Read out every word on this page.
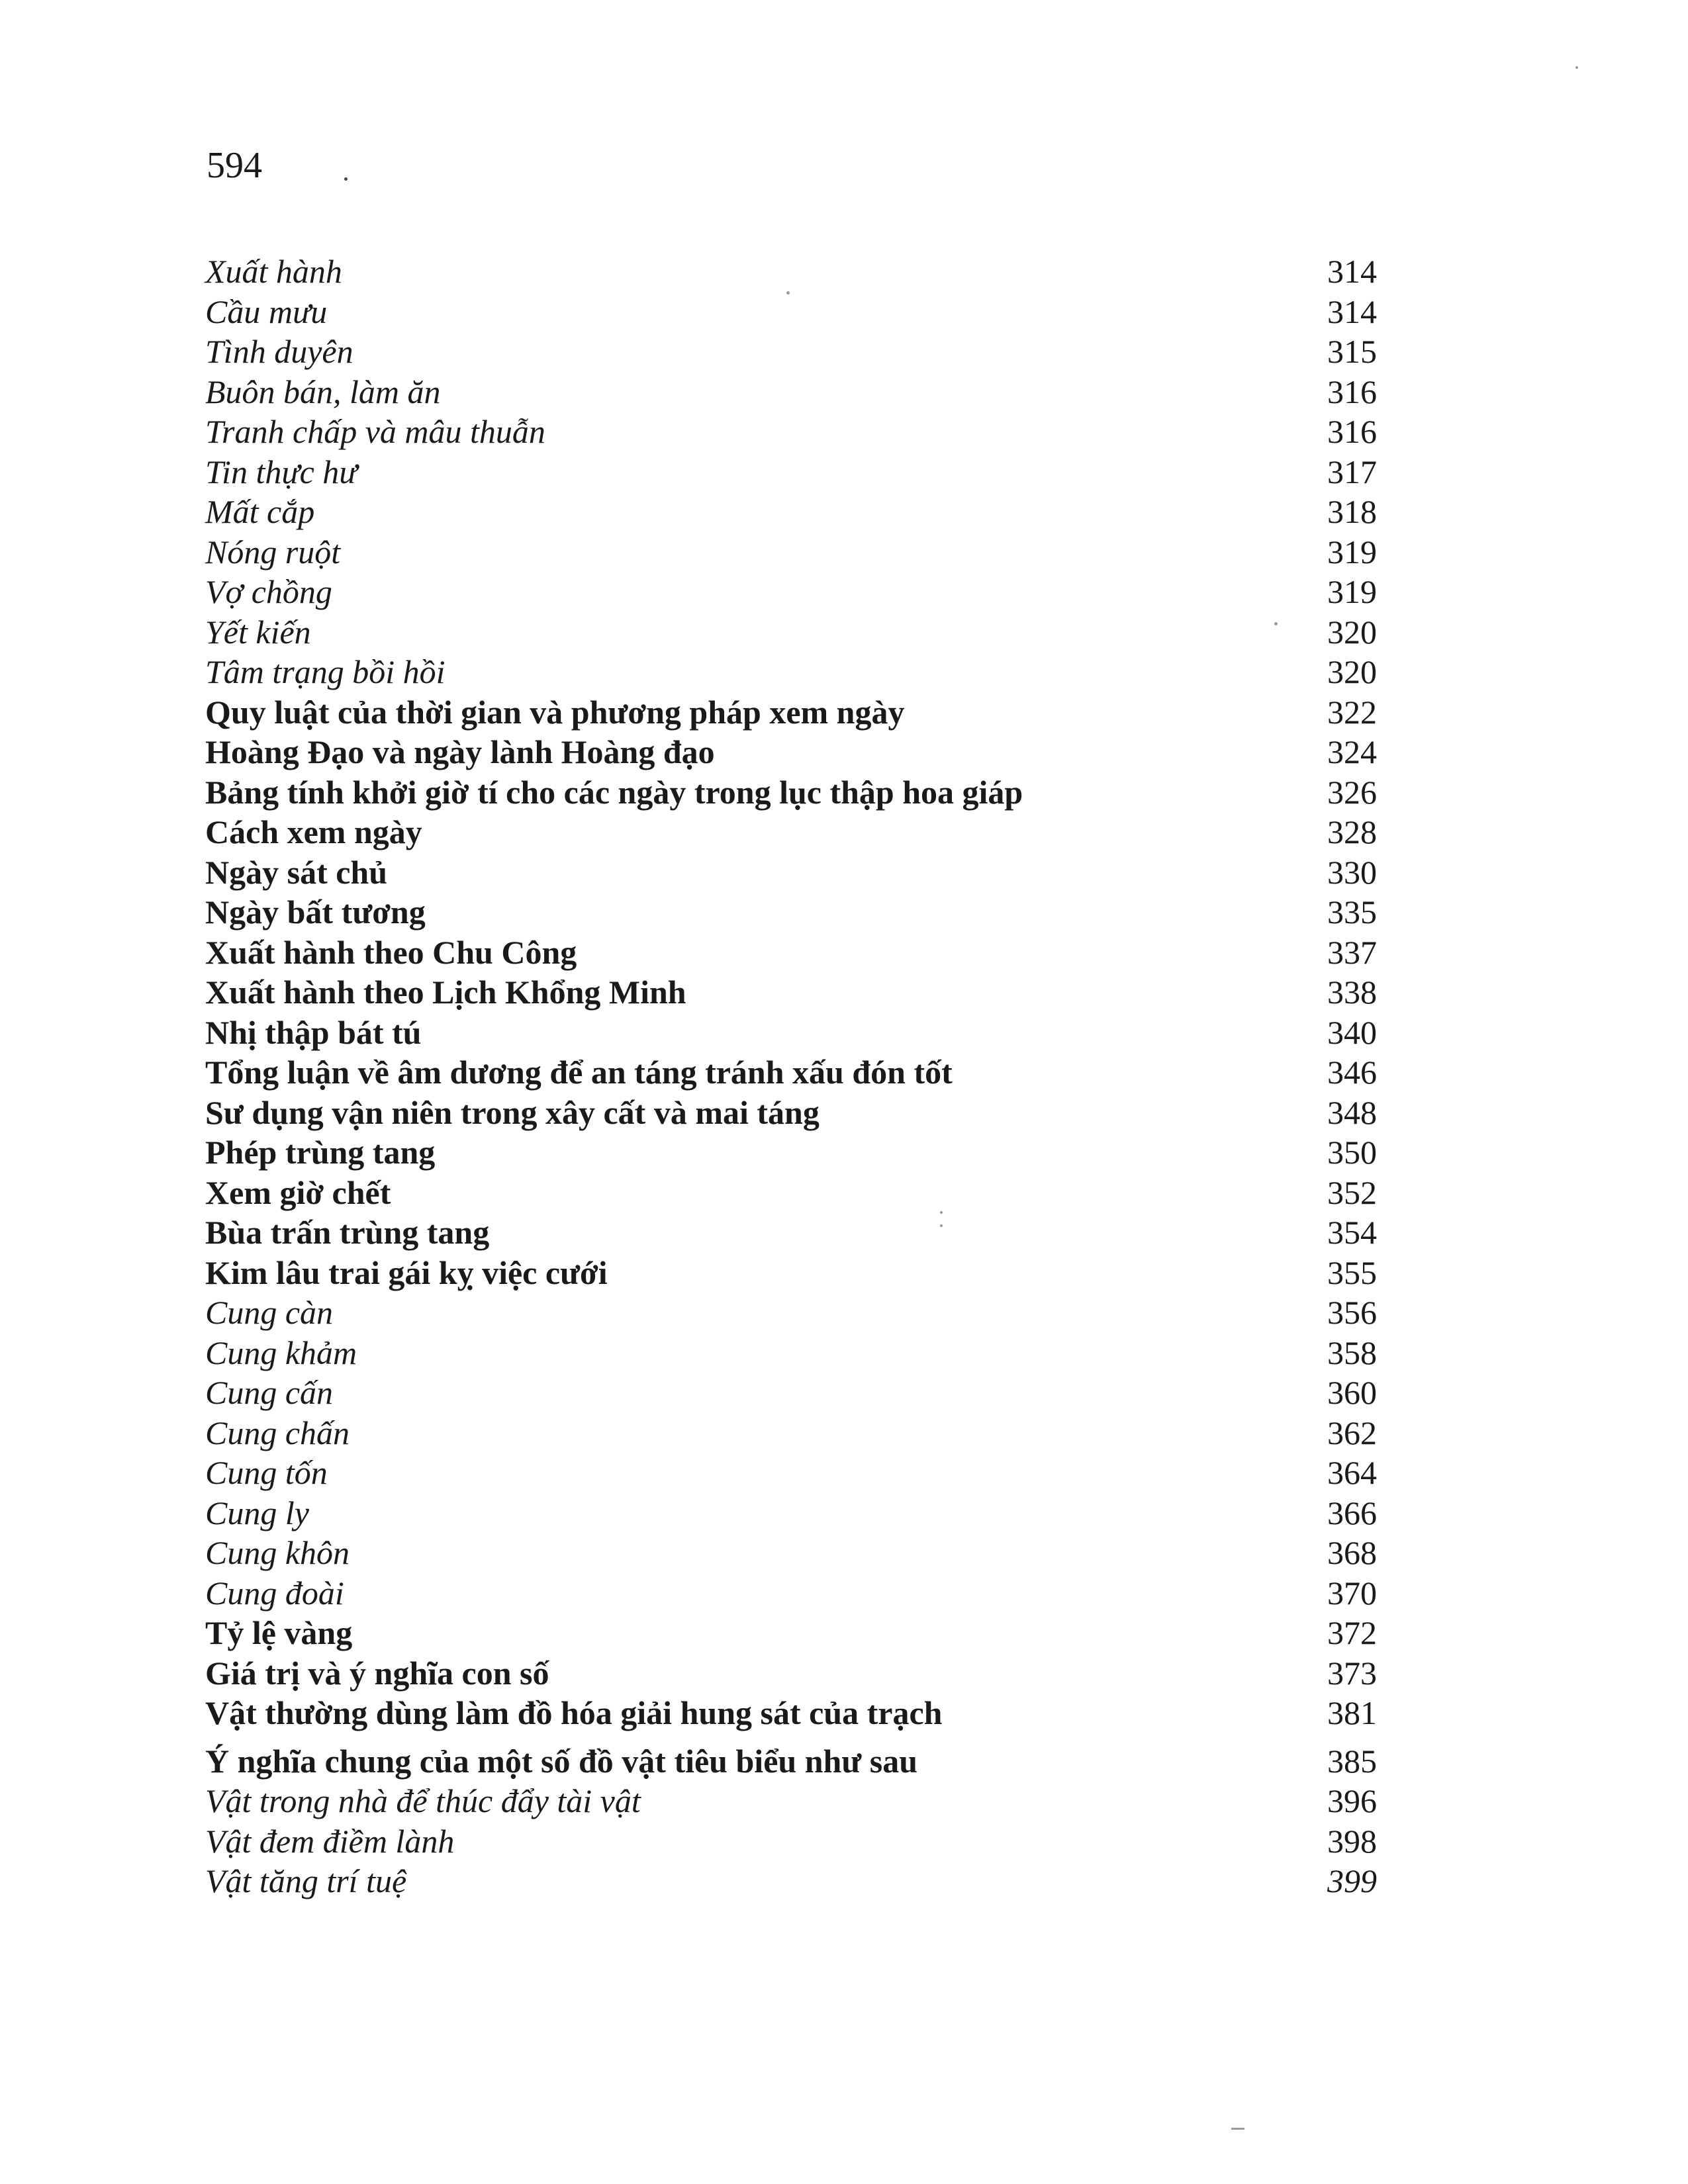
594
Xuất hành	314
Cầu mưu	314
Tình duyên	315
Buôn bán, làm ăn	316
Tranh chấp và mâu thuẫn	316
Tin thực hư	317
Mất cắp	318
Nóng ruột	319
Vợ chồng	319
Yết kiến	320
Tâm trạng bồi hồi	320
Quy luật của thời gian và phương pháp xem ngày	322
Hoàng Đạo và ngày lành Hoàng đạo	324
Bảng tính khởi giờ tí cho các ngày trong lục thập hoa giáp	326
Cách xem ngày	328
Ngày sát chủ	330
Ngày bất tương	335
Xuất hành theo Chu Công	337
Xuất hành theo Lịch Khổng Minh	338
Nhị thập bát tú	340
Tổng luận về âm dương để an táng tránh xấu đón tốt	346
Sư dụng vận niên trong xây cất và mai táng	348
Phép trùng tang	350
Xem giờ chết	352
Bùa trấn trùng tang	354
Kim lâu trai gái kỵ việc cưới	355
Cung càn	356
Cung khảm	358
Cung cấn	360
Cung chấn	362
Cung tốn	364
Cung ly	366
Cung khôn	368
Cung đoài	370
Tỷ lệ vàng	372
Giá trị và ý nghĩa con số	373
Vật thường dùng làm đồ hóa giải hung sát của trạch	381
Ý nghĩa chung của một số đồ vật tiêu biểu như sau	385
Vật trong nhà để thúc đẩy tài vật	396
Vật đem điềm lành	398
Vật tăng trí tuệ	399
